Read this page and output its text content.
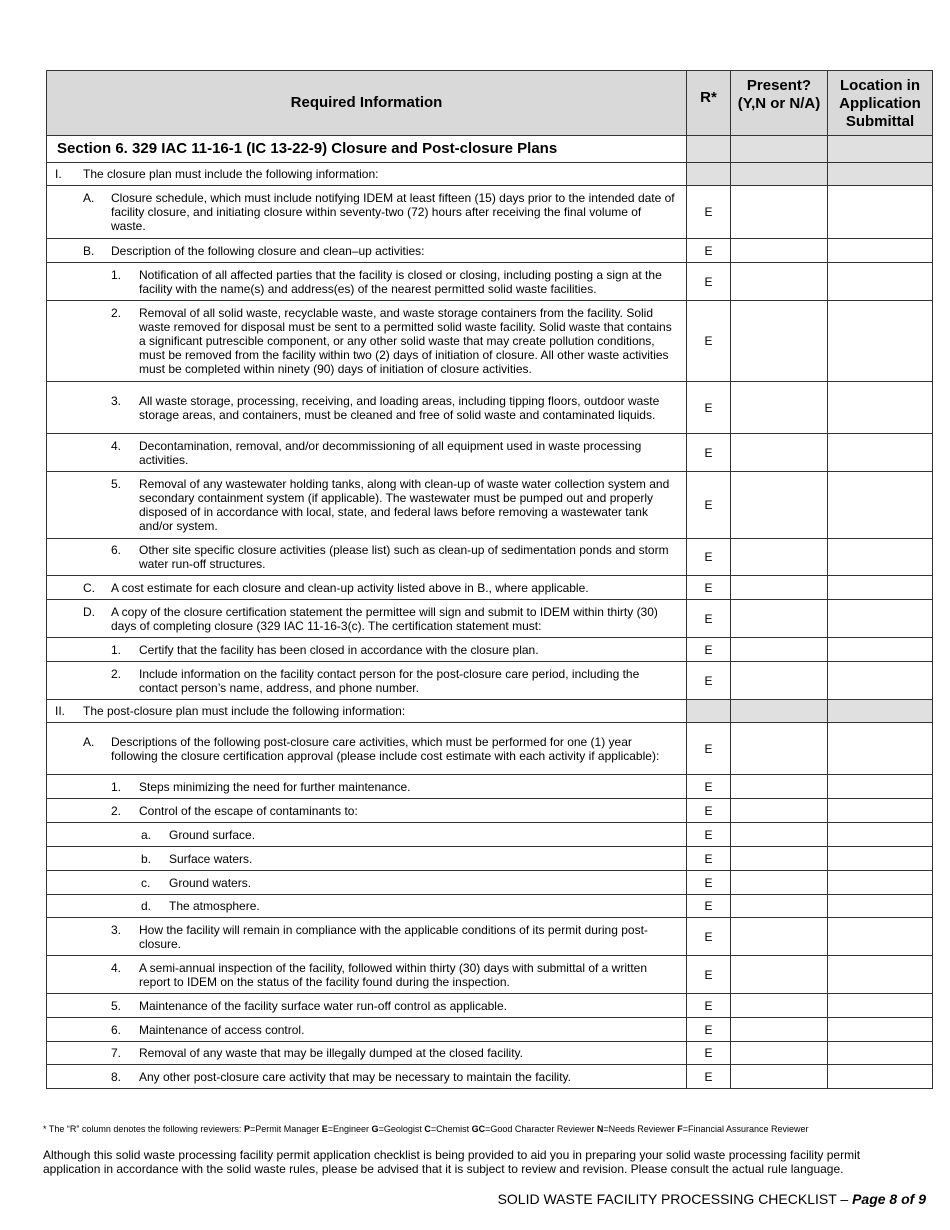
Required Information	R*	Present? (Y,N or N/A)	Location in Application Submittal

Section 6. 329 IAC 11-16-1 (IC 13-22-9) Closure and Post-closure Plans			

I. The closure plan must include the following information:			

A. Closure schedule, which must include notifying IDEM at least fifteen (15) days prior to the intended date of facility closure, and initiating closure within seventy-two (72) hours after receiving the final volume of waste.	E		

B. Description of the following closure and clean–up activities:	E		

1. Notification of all affected parties that the facility is closed or closing, including posting a sign at the facility with the name(s) and address(es) of the nearest permitted solid waste facilities.	E		

2. Removal of all solid waste, recyclable waste, and waste storage containers from the facility. Solid waste removed for disposal must be sent to a permitted solid waste facility. Solid waste that contains a significant putrescible component, or any other solid waste that may create pollution conditions, must be removed from the facility within two (2) days of initiation of closure. All other waste activities must be completed within ninety (90) days of initiation of closure activities.	E		

3. All waste storage, processing, receiving, and loading areas, including tipping floors, outdoor waste storage areas, and containers, must be cleaned and free of solid waste and contaminated liquids.	E		

4. Decontamination, removal, and/or decommissioning of all equipment used in waste processing activities.	E		

5. Removal of any wastewater holding tanks, along with clean-up of waste water collection system and secondary containment system (if applicable). The wastewater must be pumped out and properly disposed of in accordance with local, state, and federal laws before removing a wastewater tank and/or system.	E		

6. Other site specific closure activities (please list) such as clean-up of sedimentation ponds and storm water run-off structures.	E		

C. A cost estimate for each closure and clean-up activity listed above in B., where applicable.	E		

D. A copy of the closure certification statement the permittee will sign and submit to IDEM within thirty (30) days of completing closure (329 IAC 11-16-3(c). The certification statement must:	E		

1. Certify that the facility has been closed in accordance with the closure plan.	E		

2. Include information on the facility contact person for the post-closure care period, including the contact person’s name, address, and phone number.	E		

II. The post-closure plan must include the following information:			

A. Descriptions of the following post-closure care activities, which must be performed for one (1) year following the closure certification approval (please include cost estimate with each activity if applicable):	E		

1. Steps minimizing the need for further maintenance.	E		

2. Control of the escape of contaminants to:	E		

a. Ground surface.	E		

b. Surface waters.	E		

c. Ground waters.	E		

d. The atmosphere.	E		

3. How the facility will remain in compliance with the applicable conditions of its permit during post-closure.	E		

4. A semi-annual inspection of the facility, followed within thirty (30) days with submittal of a written report to IDEM on the status of the facility found during the inspection.	E		

5. Maintenance of the facility surface water run-off control as applicable.	E		

6. Maintenance of access control.	E		

7. Removal of any waste that may be illegally dumped at the closed facility.	E		

8. Any other post-closure care activity that may be necessary to maintain the facility.	E		
* The “R” column denotes the following reviewers: P=Permit Manager E=Engineer G=Geologist C=Chemist GC=Good Character Reviewer N=Needs Reviewer F=Financial Assurance Reviewer
Although this solid waste processing facility permit application checklist is being provided to aid you in preparing your solid waste processing facility permit application in accordance with the solid waste rules, please be advised that it is subject to review and revision. Please consult the actual rule language.
SOLID WASTE FACILITY PROCESSING CHECKLIST – Page 8 of 9
